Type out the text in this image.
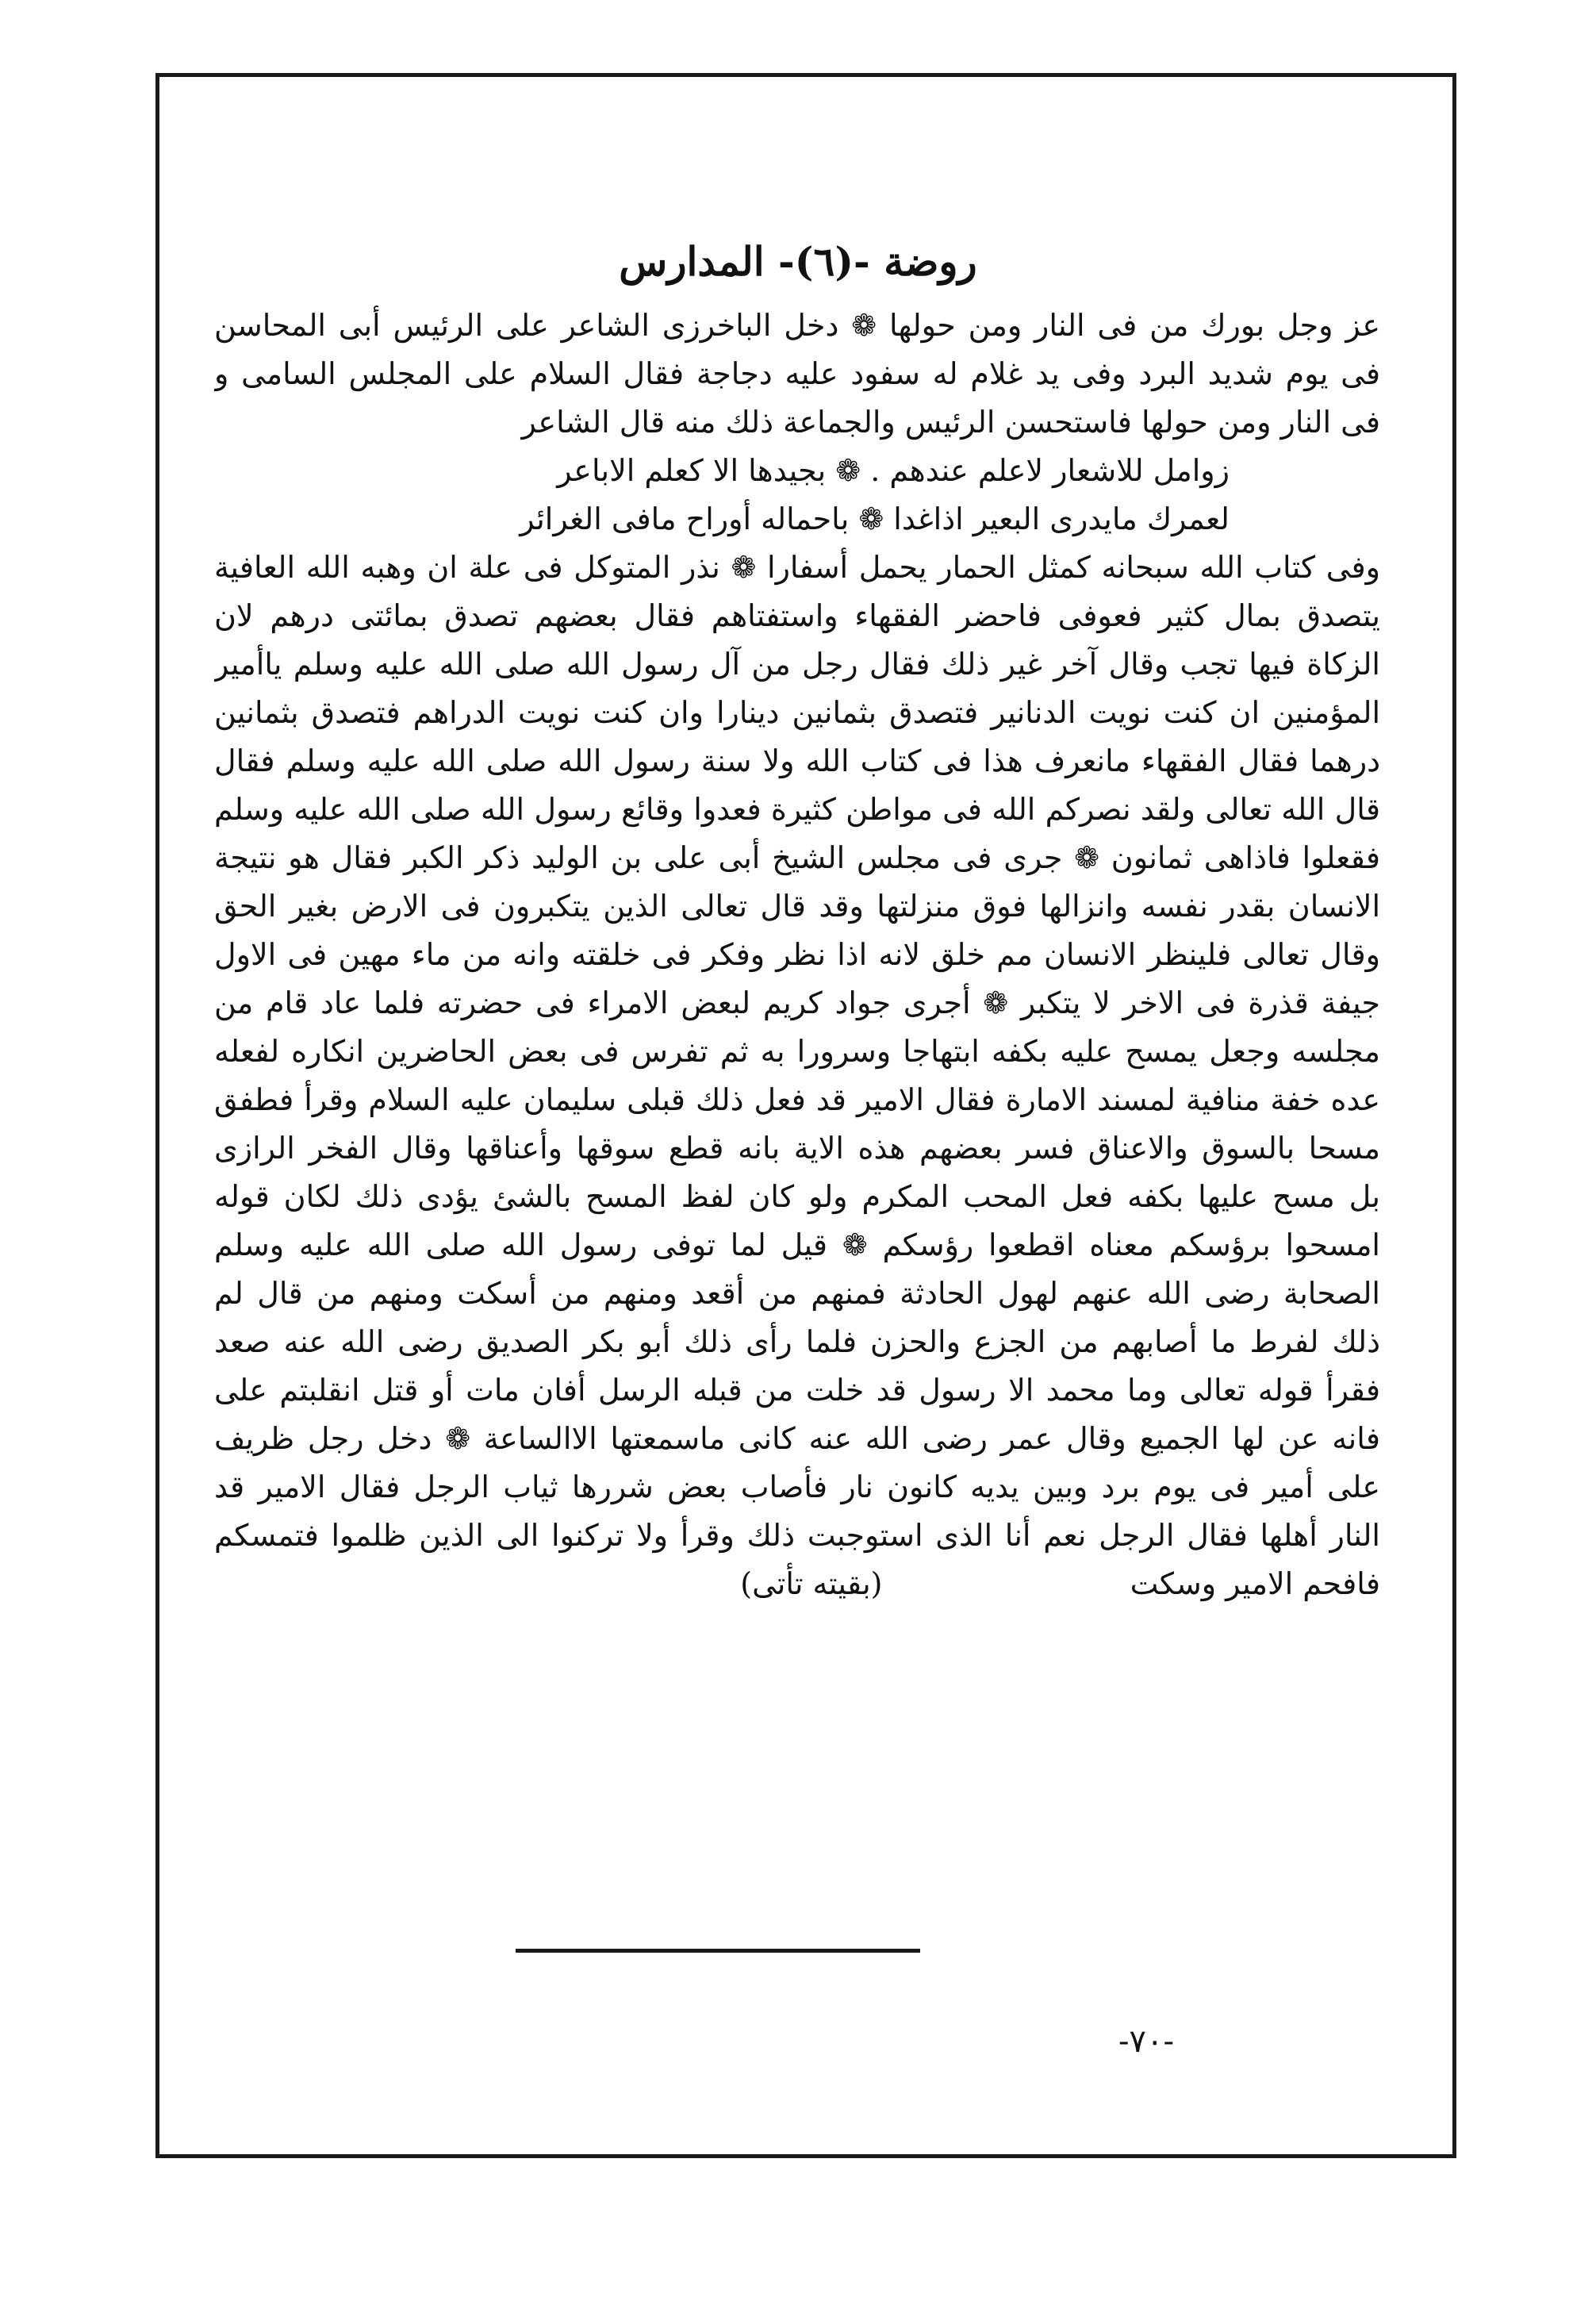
روضة -(٦)- المدارس
عز وجل بورك من فى النار ومن حولها ❁ دخل الباخرزى الشاعر على الرئيس أبى المحاسن
فى يوم شديد البرد وفى يد غلام له سفود عليه دجاجة فقال السلام على المجلس السامى و
فى النار ومن حولها فاستحسن الرئيس والجماعة ذلك منه قال الشاعر
زوامل للاشعار لاعلم عندهم . ❁ بجيدها الا كعلم الاباعر
لعمرك مايدرى البعير اذاغدا ❁ باحماله أوراح مافى الغرائر
وفى كتاب الله سبحانه كمثل الحمار يحمل أسفارا ❁ نذر المتوكل فى علة ان وهبه الله العافية
يتصدق بمال كثير فعوفى فاحضر الفقهاء واستفتاهم فقال بعضهم تصدق بمائتى درهم لان
الزكاة فيها تجب وقال آخر غير ذلك فقال رجل من آل رسول الله صلى الله عليه وسلم ياأمير
المؤمنين ان كنت نويت الدنانير فتصدق بثمانين دينارا وان كنت نويت الدراهم فتصدق بثمانين
درهما فقال الفقهاء مانعرف هذا فى كتاب الله ولا سنة رسول الله صلى الله عليه وسلم فقال
قال الله تعالى ولقد نصركم الله فى مواطن كثيرة فعدوا وقائع رسول الله صلى الله عليه وسلم
فقعلوا فاذاهى ثمانون ❁ جرى فى مجلس الشيخ أبى على بن الوليد ذكر الكبر فقال هو نتيجة
الانسان بقدر نفسه وانزالها فوق منزلتها وقد قال تعالى الذين يتكبرون فى الارض بغير الحق
وقال تعالى فلينظر الانسان مم خلق لانه اذا نظر وفكر فى خلقته وانه من ماء مهين فى الاول
جيفة قذرة فى الاخر لا يتكبر ❁ أجرى جواد كريم لبعض الامراء فى حضرته فلما عاد قام من
مجلسه وجعل يمسح عليه بكفه ابتهاجا وسرورا به ثم تفرس فى بعض الحاضرين انكاره لفعله
عده خفة منافية لمسند الامارة فقال الامير قد فعل ذلك قبلى سليمان عليه السلام وقرأ فطفق
مسحا بالسوق والاعناق فسر بعضهم هذه الاية بانه قطع سوقها وأعناقها وقال الفخر الرازى
بل مسح عليها بكفه فعل المحب المكرم ولو كان لفظ المسح بالشئ يؤدى ذلك لكان قوله
امسحوا برؤسكم معناه اقطعوا رؤسكم ❁ قيل لما توفى رسول الله صلى الله عليه وسلم
الصحابة رضى الله عنهم لهول الحادثة فمنهم من أقعد ومنهم من أسكت ومنهم من قال لم
ذلك لفرط ما أصابهم من الجزع والحزن فلما رأى ذلك أبو بكر الصديق رضى الله عنه صعد
فقرأ قوله تعالى وما محمد الا رسول قد خلت من قبله الرسل أفان مات أو قتل انقلبتم على
فانه عن لها الجميع وقال عمر رضى الله عنه كانى ماسمعتها الاالساعة ❁ دخل رجل ظريف
على أمير فى يوم برد وبين يديه كانون نار فأصاب بعض شررها ثياب الرجل فقال الامير قد
النار أهلها فقال الرجل نعم أنا الذى استوجبت ذلك وقرأ ولا تركنوا الى الذين ظلموا فتمسكم
فافحم الامير وسكت (بقيته تأتى)
-٧٠-
